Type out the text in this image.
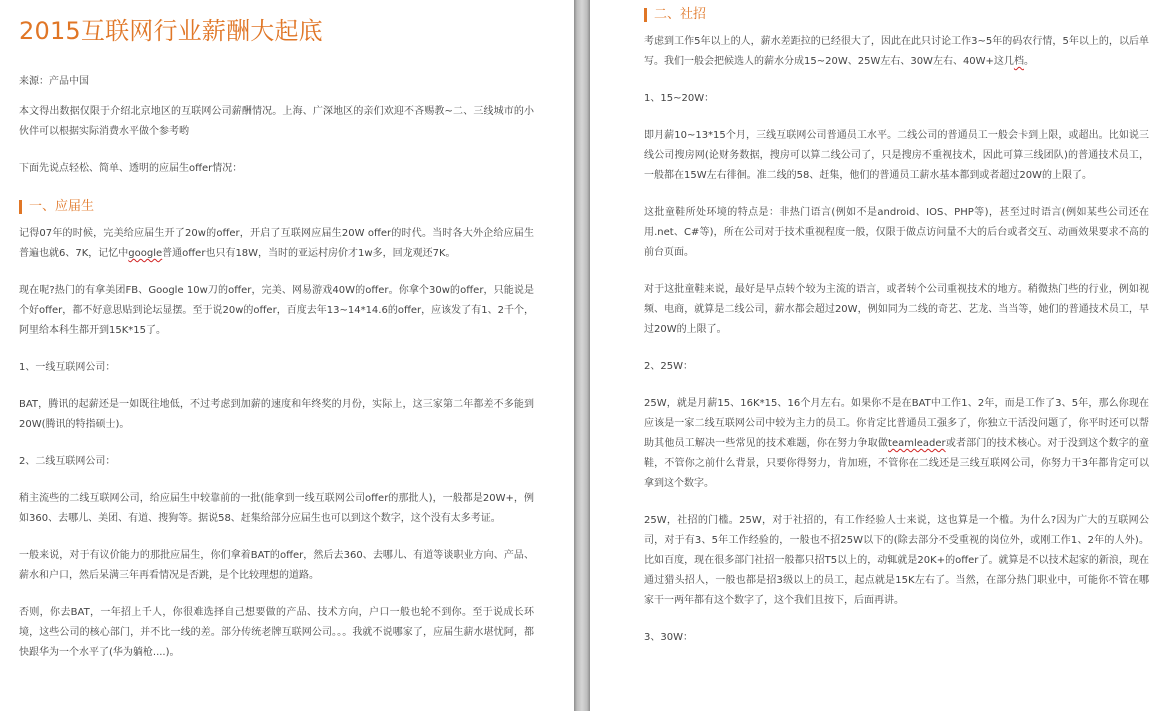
2015互联网行业薪酬大起底
来源：产品中国

本文得出数据仅限于介绍北京地区的互联网公司薪酬情况。上海、广深地区的亲们欢迎不吝赐教~二、三线城市的小伙伴可以根据实际消费水平做个参考哟

下面先说点轻松、简单、透明的应届生offer情况：

一、应届生

记得07年的时候，完美给应届生开了20w的offer，开启了互联网应届生20W offer的时代。当时各大外企给应届生普遍也就6、7K，记忆中google普通offer也只有18W，当时的亚运村房价才1w多，回龙观还7K。

现在呢?热门的有拿美团FB、Google 10w刀的offer，完美、网易游戏40W的offer。你拿个30w的offer，只能说是个好offer，都不好意思贴到论坛显摆。至于说20w的offer，百度去年13~14*14.6的offer，应该发了有1、2千个，阿里给本科生都开到15K*15了。

1、一线互联网公司：

BAT，腾讯的起薪还是一如既往地低，不过考虑到加薪的速度和年终奖的月份，实际上，这三家第二年都差不多能到20W(腾讯的特指硕士)。

2、二线互联网公司：

稍主流些的二线互联网公司，给应届生中较靠前的一批(能拿到一线互联网公司offer的那批人)，一般都是20W+，例如360、去哪儿、美团、有道、搜狗等。据说58、赶集给部分应届生也可以到这个数字，这个没有太多考证。

一般来说，对于有议价能力的那批应届生，你们拿着BAT的offer，然后去360、去哪儿、有道等谈职业方向、产品、薪水和户口，然后呆满三年再看情况是否跳，是个比较理想的道路。

否则，你去BAT，一年招上千人，你很难选择自己想要做的产品、技术方向，户口一般也轮不到你。至于说成长环境，这些公司的核心部门，并不比一线的差。部分传统老牌互联网公司。。。我就不说哪家了，应届生薪水堪忧阿，都快跟华为一个水平了(华为躺枪....)。

二、社招

考虑到工作5年以上的人，薪水差距拉的已经很大了，因此在此只讨论工作3~5年的码农行情，5年以上的，以后单写。我们一般会把候选人的薪水分成15~20W、25W左右、30W左右、40W+这几档。

1、15~20W：

即月薪10~13*15个月，三线互联网公司普通员工水平。二线公司的普通员工一般会卡到上限，或超出。比如说三线公司搜房网(论财务数据，搜房可以算二线公司了，只是搜房不重视技术，因此可算三线团队)的普通技术员工，一般都在15W左右徘徊。准二线的58、赶集，他们的普通员工薪水基本都到或者超过20W的上限了。

这批童鞋所处环境的特点是：非热门语言(例如不是android、IOS、PHP等)，甚至过时语言(例如某些公司还在用.net、C#等)，所在公司对于技术重视程度一般，仅限于做点访问量不大的后台或者交互、动画效果要求不高的前台页面。

对于这批童鞋来说，最好是早点转个较为主流的语言，或者转个公司重视技术的地方。稍微热门些的行业，例如视频、电商，就算是二线公司，薪水都会超过20W，例如同为二线的奇艺、艺龙、当当等，她们的普通技术员工，早过20W的上限了。

2、25W：

25W，就是月薪15、16K*15、16个月左右。如果你不是在BAT中工作1、2年，而是工作了3、5年，那么你现在应该是一家二线互联网公司中较为主力的员工。你肯定比普通员工强多了，你独立干活没问题了，你平时还可以帮助其他员工解决一些常见的技术难题，你在努力争取做teamleader或者部门的技术核心。对于没到这个数字的童鞋，不管你之前什么背景，只要你得努力，肯加班，不管你在二线还是三线互联网公司，你努力干3年都肯定可以拿到这个数字。

25W，社招的门槛。25W，对于社招的，有工作经验人士来说，这也算是一个槛。为什么?因为广大的互联网公司，对于有3、5年工作经验的，一般也不招25W以下的(除去部分不受重视的岗位外，或刚工作1、2年的人外)。比如百度，现在很多部门社招一般都只招T5以上的，动辄就是20K+的offer了。就算是不以技术起家的新浪，现在通过猎头招人，一般也都是招3级以上的员工，起点就是15K左右了。当然，在部分热门职业中，可能你不管在哪家干一两年都有这个数字了，这个我们且按下，后面再讲。

3、30W：
